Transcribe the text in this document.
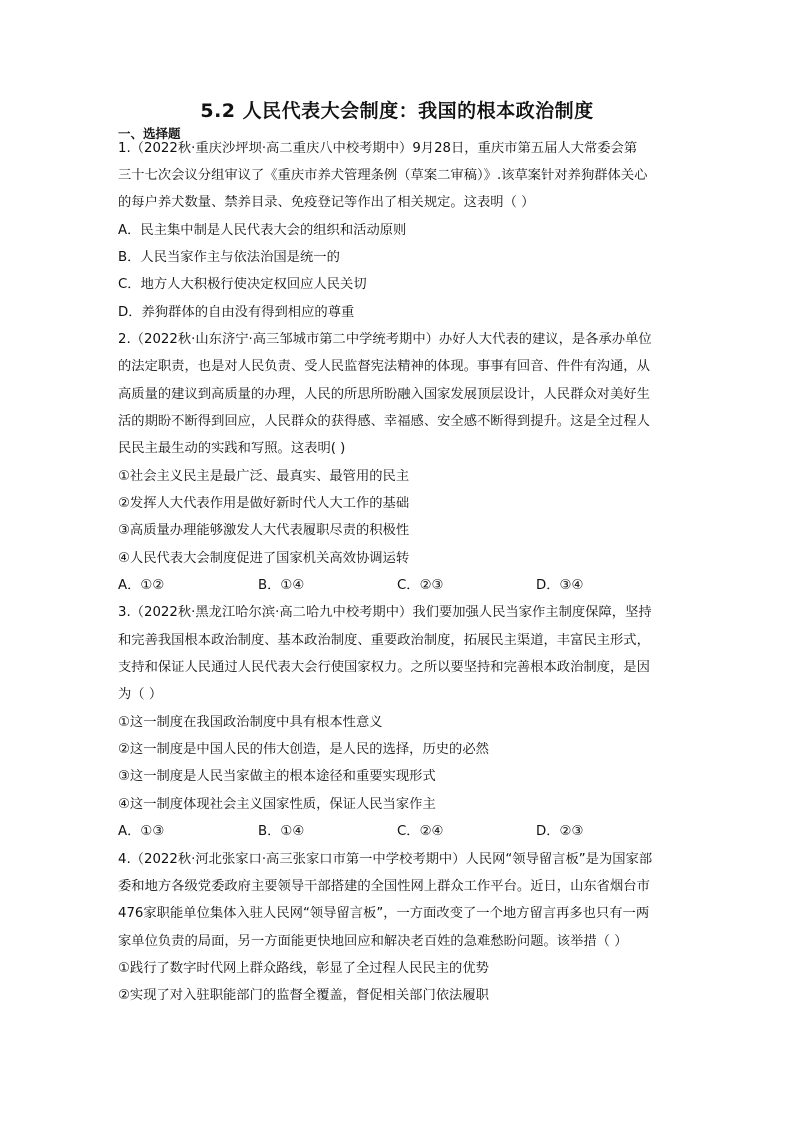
5.2 人民代表大会制度：我国的根本政治制度
一、选择题
1.（2022秋·重庆沙坪坝·高二重庆八中校考期中）9月28日，重庆市第五届人大常委会第
三十七次会议分组审议了《重庆市养犬管理条例（草案二审稿）》.该草案针对养狗群体关心
的每户养犬数量、禁养目录、免疫登记等作出了相关规定。这表明（ ）
A．民主集中制是人民代表大会的组织和活动原则
B．人民当家作主与依法治国是统一的
C．地方人大积极行使决定权回应人民关切
D．养狗群体的自由没有得到相应的尊重
2.（2022秋·山东济宁·高三邹城市第二中学统考期中）办好人大代表的建议，是各承办单位
的法定职责，也是对人民负责、受人民监督宪法精神的体现。事事有回音、件件有沟通，从
高质量的建议到高质量的办理，人民的所思所盼融入国家发展顶层设计，人民群众对美好生
活的期盼不断得到回应，人民群众的获得感、幸福感、安全感不断得到提升。这是全过程人
民民主最生动的实践和写照。这表明( )
①社会主义民主是最广泛、最真实、最管用的民主
②发挥人大代表作用是做好新时代人大工作的基础
③高质量办理能够激发人大代表履职尽责的积极性
④人民代表大会制度促进了国家机关高效协调运转
A．①②	B．①④	C．②③	D．③④
3.（2022秋·黑龙江哈尔滨·高二哈九中校考期中）我们要加强人民当家作主制度保障，坚持
和完善我国根本政治制度、基本政治制度、重要政治制度，拓展民主渠道，丰富民主形式，
支持和保证人民通过人民代表大会行使国家权力。之所以要坚持和完善根本政治制度，是因
为（ ）
①这一制度在我国政治制度中具有根本性意义
②这一制度是中国人民的伟大创造，是人民的选择，历史的必然
③这一制度是人民当家做主的根本途径和重要实现形式
④这一制度体现社会主义国家性质，保证人民当家作主
A．①③	B．①④	C．②④	D．②③
4.（2022秋·河北张家口·高三张家口市第一中学校考期中）人民网“领导留言板”是为国家部
委和地方各级党委政府主要领导干部搭建的全国性网上群众工作平台。近日，山东省烟台市
476家职能单位集体入驻人民网“领导留言板”，一方面改变了一个地方留言再多也只有一两
家单位负责的局面，另一方面能更快地回应和解决老百姓的急难愁盼问题。该举措（ ）
①践行了数字时代网上群众路线，彰显了全过程人民民主的优势
②实现了对入驻职能部门的监督全覆盖，督促相关部门依法履职
